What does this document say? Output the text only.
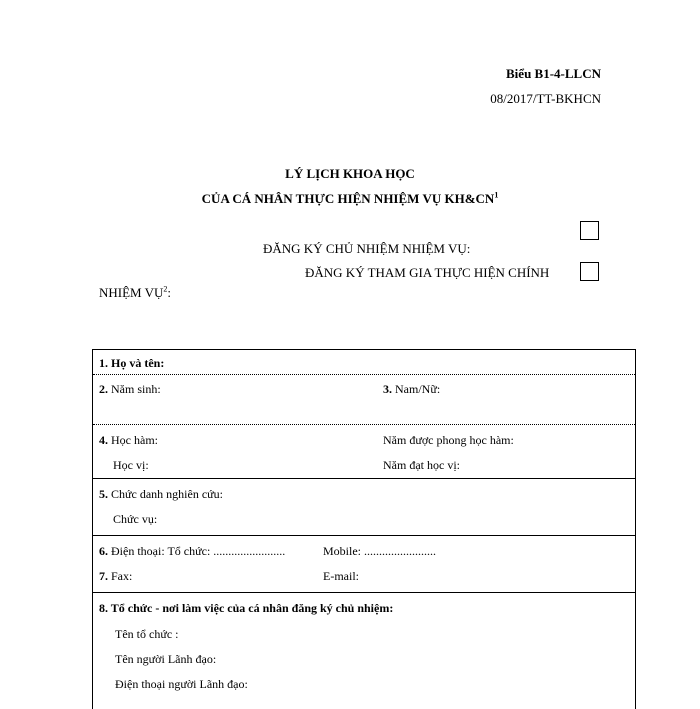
Biểu B1-4-LLCN
08/2017/TT-BKHCN
LÝ LỊCH KHOA HỌC
CỦA CÁ NHÂN THỰC HIỆN NHIỆM VỤ $KH\&CN^1$
ĐĂNG KÝ CHỦ NHIỆM NHIỆM VỤ:
ĐĂNG KÝ THAM GIA THỰC HIỆN CHÍNH
NHIỆM VỤ$^2$:
1. Họ và tên:
2. Năm sinh:	3. Nam/Nữ:
4. Học hàm:	Năm được phong học hàm:
Học vị:	Năm đạt học vị:
5. Chức danh nghiên cứu:
Chức vụ:
6. Điện thoại: Tổ chức: ........................	Mobile: ........................
7. Fax:	E-mail:
8. Tổ chức - nơi làm việc của cá nhân đăng ký chủ nhiệm:
Tên tổ chức :
Tên người Lãnh đạo:
Điện thoại người Lãnh đạo:
